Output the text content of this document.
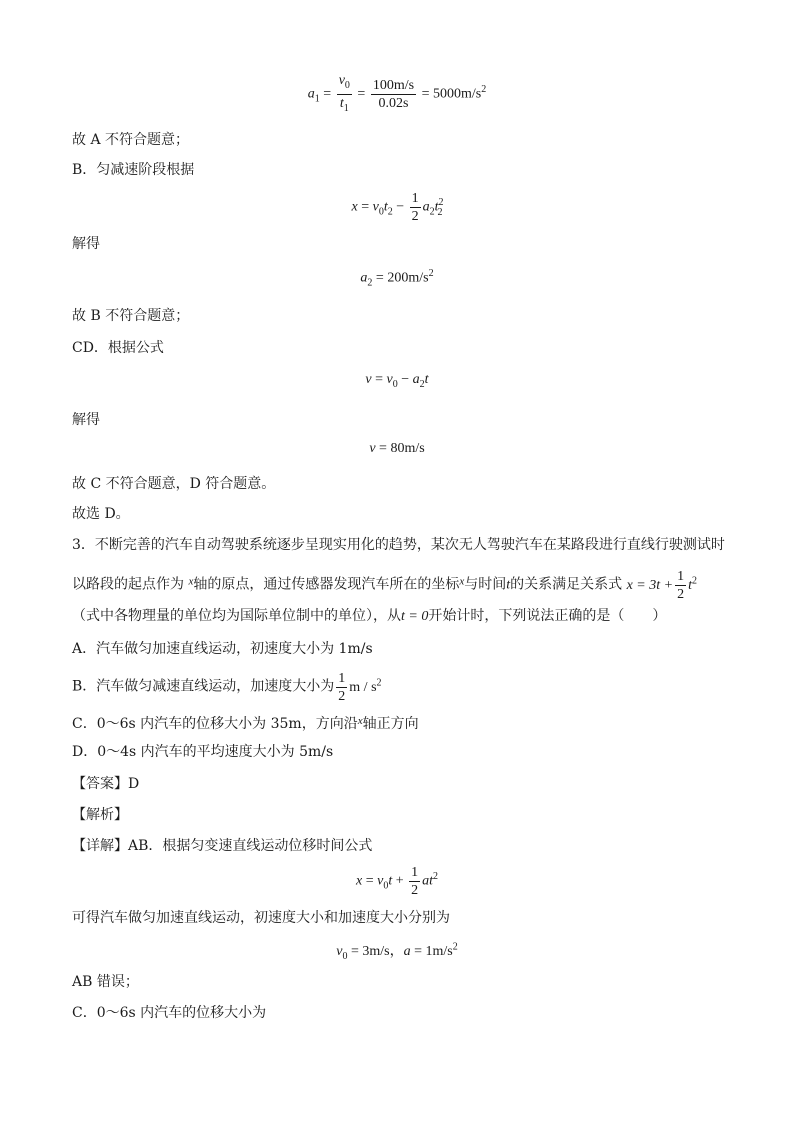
$a_1 = \frac{v_0}{t_1} = \frac{100m/s}{0.02s} = 5000m/s^2$
故 A 不符合题意；
B．匀减速阶段根据
$x = v_0t_2 - \frac{1}{2} a_2t^2_2$
解得
$a_2 = 200m/s^2$
故 B 不符合题意；
CD．根据公式
$v = v_0 - a_2t$
解得
v = 80m/s
故 C 不符合题意，D 符合题意。
故选 D。
3．不断完善的汽车自动驾驶系统逐步呈现实用化的趋势，某次无人驾驶汽车在某路段进行直线行驶测试时
以路段的起点作为 $^x$轴的原点，通过传感器发现汽车所在的坐标$^x$与时间t的关系满足关系式 $x = 3t + \frac{1}{2} t^2$
（式中各物理量的单位均为国际单位制中的单位），从t = 0开始计时，下列说法正确的是（　　）
A．汽车做匀加速直线运动，初速度大小为 1m/s
B．汽车做匀减速直线运动，加速度大小为 $\frac{1}{2}$ m / $s^2$
C．0～6s 内汽车的位移大小为 35m，方向沿$^x$轴正方向
D．0～4s 内汽车的平均速度大小为 5m/s
【答案】D
【解析】
【详解】AB．根据匀变速直线运动位移时间公式
$x = v_0t + \frac{1}{2} at^2$
可得汽车做匀加速直线运动，初速度大小和加速度大小分别为
$v_0 = 3m/s$，$a = 1m/s^2$
AB 错误；
C．0～6s 内汽车的位移大小为
